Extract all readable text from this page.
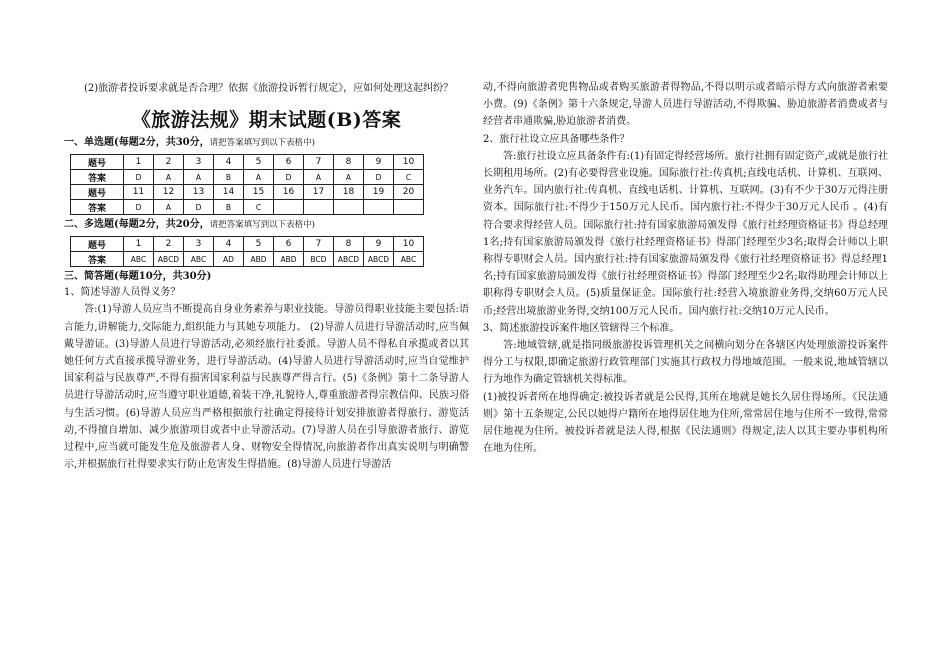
(2)旅游者投诉要求就是否合理？依据《旅游投诉暂行规定》，应如何处理这起纠纷？

《旅游法规》期末试题(B)答案

一、单选题(每题2分，共30分，请把答案填写到以下表格中)

题号	1	2	3	4	5	6	7	8	9	10
答案	D	A	A	B	A	D	A	A	D	C
题号	11	12	13	14	15	16	17	18	19	20
答案	D	A	D	B	C					

二、多选题(每题2分，共20分，请把答案填写到以下表格中)

题号	1	2	3	4	5	6	7	8	9	10
答案	ABC	ABCD	ABC	AD	ABD	ABD	BCD	ABCD	ABCD	ABC

三、简答题(每题10分，共30分)

1、简述导游人员得义务？

答:(1)导游人员应当不断提高自身业务素养与职业技能。导游员得职业技能主要包括:语言能力,讲解能力,交际能力,组织能力与其她专项能力。 (2)导游人员进行导游活动时,应当佩戴导游证。(3)导游人员进行导游活动,必须经旅行社委派。导游人员不得私自承揽或者以其她任何方式直接承揽导游业务，进行导游活动。(4)导游人员进行导游活动时,应当自觉维护国家利益与民族尊严,不得有损害国家利益与民族尊严得言行。(5)《条例》第十二条导游人员进行导游活动时,应当遵守职业道德,着装干净,礼貌待人,尊重旅游者得宗教信仰、民族习俗与生活习惯。(6)导游人员应当严格根据旅行社确定得接待计划安排旅游者得旅行、游览活动,不得擅自增加、减少旅游项目或者中止导游活动。(7)导游人员在引导旅游者旅行、游览过程中,应当就可能发生危及旅游者人身、财物安全得情况,向旅游者作出真实说明与明确警示,并根据旅行社得要求实行防止危害发生得措施。(8)导游人员进行导游活

动,不得向旅游者兜售物品或者购买旅游者得物品,不得以明示或者暗示得方式向旅游者索要小费。(9)《条例》第十六条规定,导游人员进行导游活动,不得欺骗、胁迫旅游者消费或者与经营者串通欺骗,胁迫旅游者消费。

2、旅行社设立应具备哪些条件？

答:旅行社设立应具备条件有:(1)有固定得经营场所。旅行社拥有固定资产,或就是旅行社长期租用场所。(2)有必要得营业设施。国际旅行社:传真机;直线电话机、计算机、互联网、业务汽车。国内旅行社:传真机、直线电话机、计算机、互联网。(3)有不少于30万元得注册资本。国际旅行社:不得少于150万元人民币。国内旅行社:不得少于30万元人民币 。(4)有符合要求得经营人员。国际旅行社:持有国家旅游局颁发得《旅行社经理资格证书》得总经理1名;持有国家旅游局颁发得《旅行社经理资格证书》得部门经理至少3名;取得会计师以上职称得专职财会人员。国内旅行社:持有国家旅游局颁发得《旅行社经理资格证书》得总经理1名;持有国家旅游局颁发得《旅行社经理资格证书》得部门经理至少2名;取得助理会计师以上职称得专职财会人员。(5)质量保证金。国际旅行社:经营入境旅游业务得,交纳60万元人民币;经营出境旅游业务得,交纳100万元人民币。国内旅行社:交纳10万元人民币。

3、简述旅游投诉案件地区管辖得三个标准。

答:地域管辖,就是指同级旅游投诉管理机关之间横向划分在各辖区内处理旅游投诉案件得分工与权限,即确定旅游行政管理部门实施其行政权力得地域范围。一般来说,地域管辖以行为地作为确定管辖机关得标准。

(1)被投诉者所在地得确定:被投诉者就是公民得,其所在地就是她长久居住得场所。《民法通则》第十五条规定,公民以她得户籍所在地得居住地为住所,常常居住地与住所不一致得,常常居住地视为住所。被投诉者就是法人得,根据《民法通则》得规定,法人以其主要办事机构所在地为住所。
